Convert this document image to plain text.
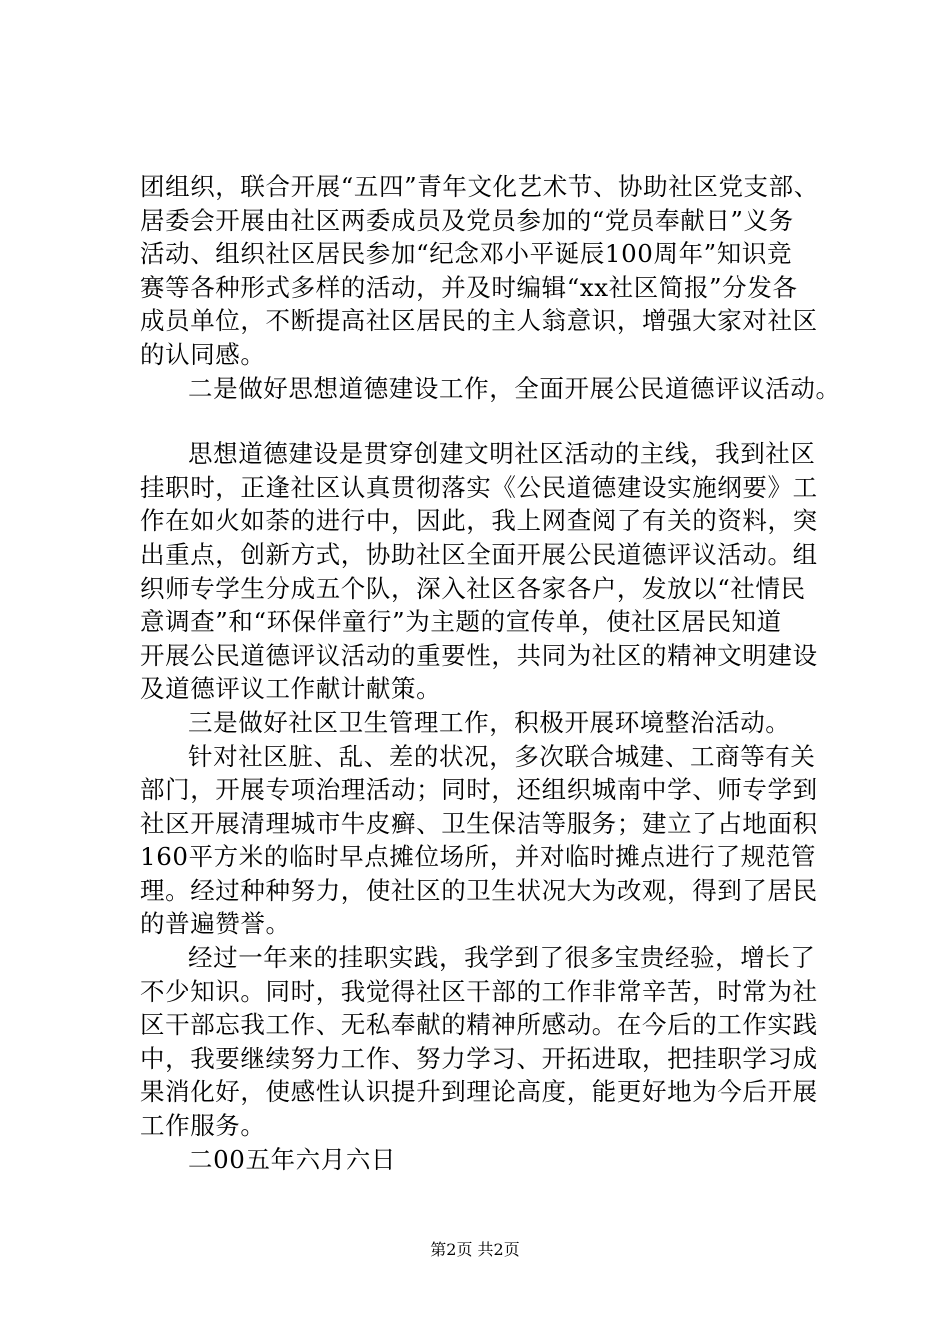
团组织，联合开展“五四”青年文化艺术节、协助社区党支部、
居委会开展由社区两委成员及党员参加的“党员奉献日”义务
活动、组织社区居民参加“纪念邓小平诞辰100周年”知识竞
赛等各种形式多样的活动，并及时编辑“xx社区简报”分发各
成员单位，不断提高社区居民的主人翁意识，增强大家对社区
的认同感。
二是做好思想道德建设工作，全面开展公民道德评议活动。
思想道德建设是贯穿创建文明社区活动的主线，我到社区
挂职时，正逢社区认真贯彻落实《公民道德建设实施纲要》工
作在如火如荼的进行中，因此，我上网查阅了有关的资料，突
出重点，创新方式，协助社区全面开展公民道德评议活动。组
织师专学生分成五个队，深入社区各家各户，发放以“社情民
意调查”和“环保伴童行”为主题的宣传单，使社区居民知道
开展公民道德评议活动的重要性，共同为社区的精神文明建设
及道德评议工作献计献策。
三是做好社区卫生管理工作，积极开展环境整治活动。
针对社区脏、乱、差的状况，多次联合城建、工商等有关
部门，开展专项治理活动；同时，还组织城南中学、师专学到
社区开展清理城市牛皮癣、卫生保洁等服务；建立了占地面积
160平方米的临时早点摊位场所，并对临时摊点进行了规范管
理。经过种种努力，使社区的卫生状况大为改观，得到了居民
的普遍赞誉。
经过一年来的挂职实践，我学到了很多宝贵经验，增长了
不少知识。同时，我觉得社区干部的工作非常辛苦，时常为社
区干部忘我工作、无私奉献的精神所感动。在今后的工作实践
中，我要继续努力工作、努力学习、开拓进取，把挂职学习成
果消化好，使感性认识提升到理论高度，能更好地为今后开展
工作服务。
二00五年六月六日
第2页 共2页
